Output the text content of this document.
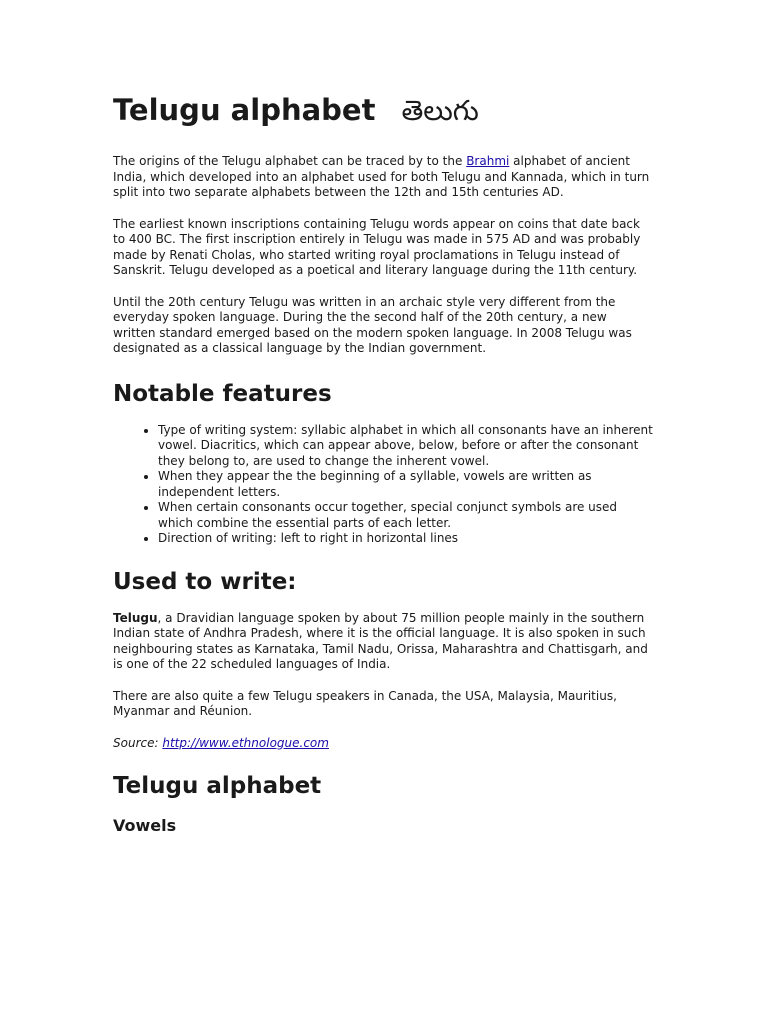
Telugu alphabet తెలుగు

The origins of the Telugu alphabet can be traced by to the Brahmi alphabet of ancient India, which developed into an alphabet used for both Telugu and Kannada, which in turn split into two separate alphabets between the 12th and 15th centuries AD.

The earliest known inscriptions containing Telugu words appear on coins that date back to 400 BC. The first inscription entirely in Telugu was made in 575 AD and was probably made by Renati Cholas, who started writing royal proclamations in Telugu instead of Sanskrit. Telugu developed as a poetical and literary language during the 11th century.

Until the 20th century Telugu was written in an archaic style very different from the everyday spoken language. During the the second half of the 20th century, a new written standard emerged based on the modern spoken language. In 2008 Telugu was designated as a classical language by the Indian government.

Notable features
• Type of writing system: syllabic alphabet in which all consonants have an inherent vowel. Diacritics, which can appear above, below, before or after the consonant they belong to, are used to change the inherent vowel.
• When they appear the the beginning of a syllable, vowels are written as independent letters.
• When certain consonants occur together, special conjunct symbols are used which combine the essential parts of each letter.
• Direction of writing: left to right in horizontal lines
Used to write:

Telugu, a Dravidian language spoken by about 75 million people mainly in the southern Indian state of Andhra Pradesh, where it is the official language. It is also spoken in such neighbouring states as Karnataka, Tamil Nadu, Orissa, Maharashtra and Chattisgarh, and is one of the 22 scheduled languages of India.

There are also quite a few Telugu speakers in Canada, the USA, Malaysia, Mauritius, Myanmar and Réunion.

Source: http://www.ethnologue.com

Telugu alphabet
Vowels
